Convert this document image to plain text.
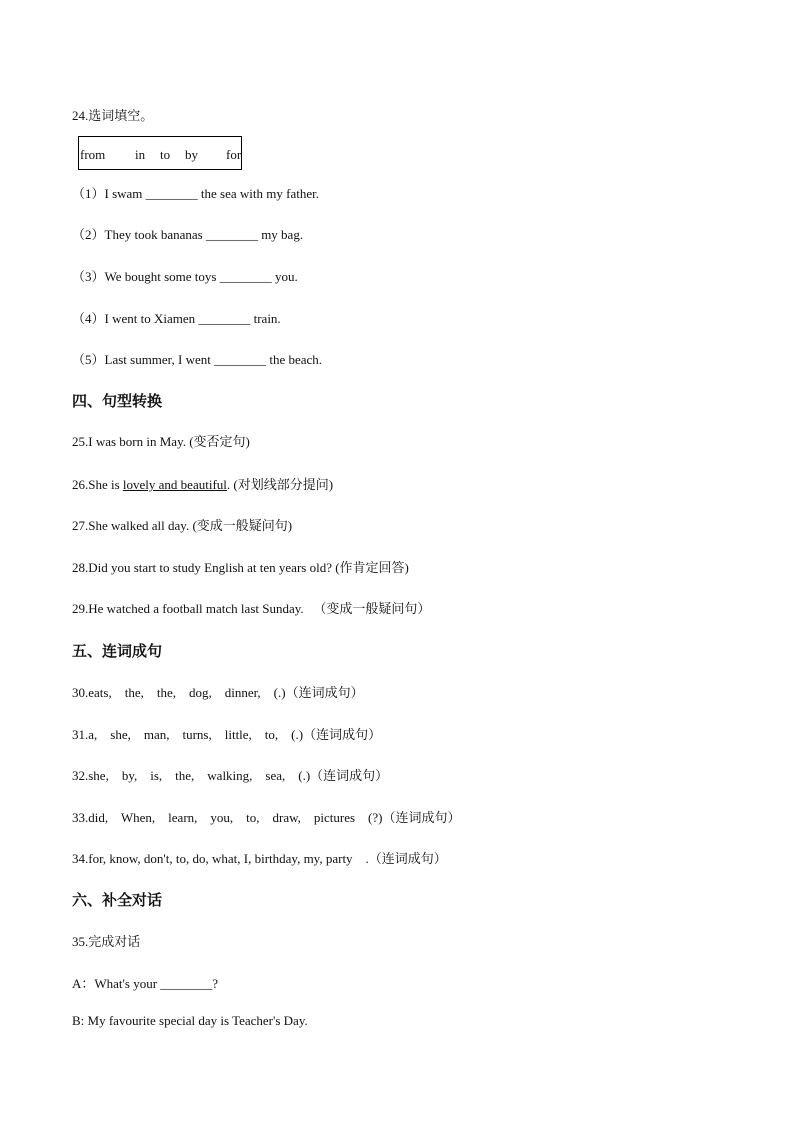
24.选词填空。
from in to by for
（1）I swam ________ the sea with my father.
（2）They took bananas ________ my bag.
（3）We bought some toys ________ you.
（4）I went to Xiamen ________ train.
（5）Last summer, I went ________ the beach.
四、句型转换
25.I was born in May. (变否定句)
26.She is lovely and beautiful. (对划线部分提问)
27.She walked all day. (变成一般疑问句)
28.Did you start to study English at ten years old? (作肯定回答)
29.He watched a football match last Sunday.   （变成一般疑问句）
五、连词成句
30.eats,    the,    the,    dog,    dinner,    (.)（连词成句）
31.a,    she,    man,    turns,    little,    to,    (.)（连词成句）
32.she,    by,    is,    the,    walking,    sea,    (.)（连词成句）
33.did,    When,    learn,    you,    to,    draw,    pictures    (?)（连词成句）
34.for, know, don't, to, do, what, I, birthday, my, party    .（连词成句）
六、补全对话
35.完成对话
A：What's your ________?
B: My favourite special day is Teacher's Day.
